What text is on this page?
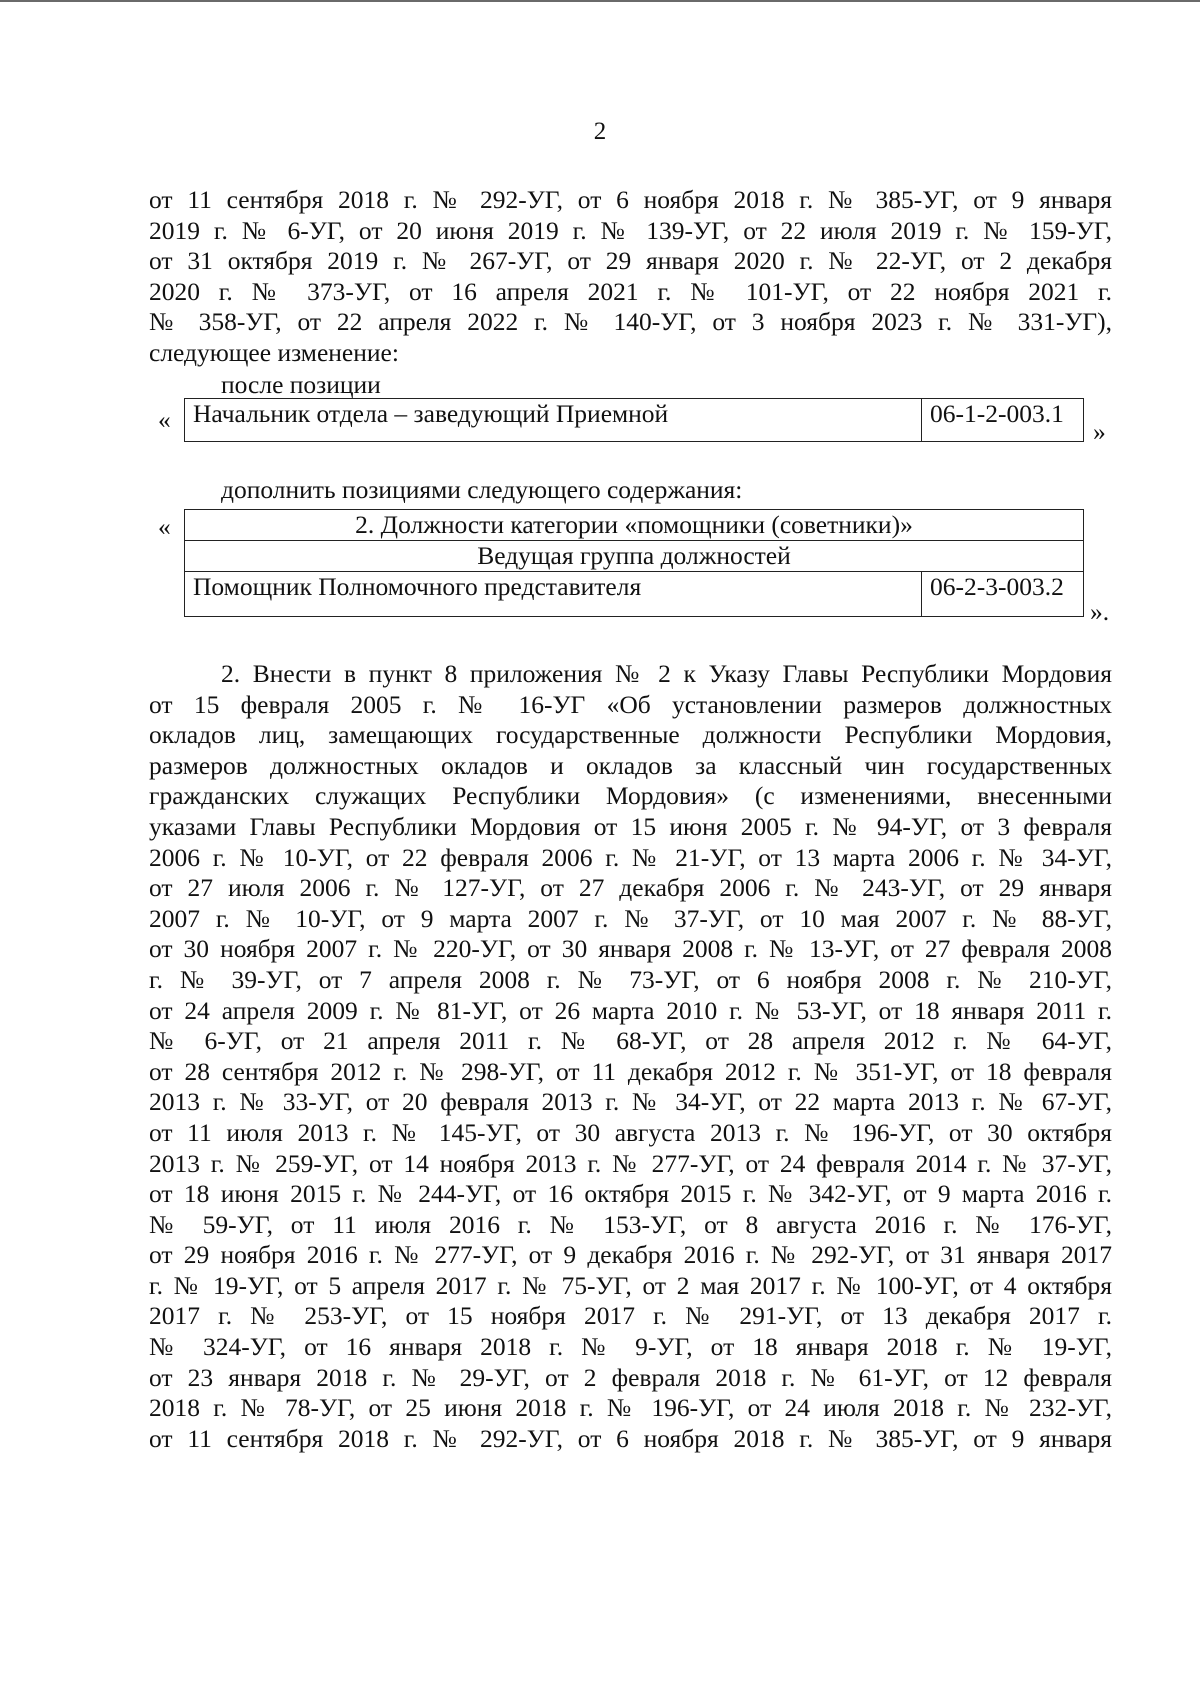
2
от 11 сентября 2018 г. № 292-УГ, от 6 ноября 2018 г. № 385-УГ, от 9 января
2019 г. № 6-УГ, от 20 июня 2019 г. № 139-УГ, от 22 июля 2019 г. № 159-УГ,
от 31 октября 2019 г. № 267-УГ, от 29 января 2020 г. № 22-УГ, от 2 декабря
2020 г. № 373-УГ, от 16 апреля 2021 г. № 101-УГ, от 22 ноября 2021 г.
№ 358-УГ, от 22 апреля 2022 г. № 140-УГ, от 3 ноября 2023 г. № 331-УГ),
следующее изменение:
после позиции
« Начальник отдела – заведующий Приемной	06-1-2-003.1
»
дополнить позициями следующего содержания:
«	2. Должности категории «помощники (советники)»
Ведущая группа должностей
Помощник Полномочного представителя	06-2-3-003.2
».
2. Внести в пункт 8 приложения № 2 к Указу Главы Республики Мордовия
от 15 февраля 2005 г. № 16-УГ «Об установлении размеров должностных
окладов лиц, замещающих государственные должности Республики Мордовия,
размеров должностных окладов и окладов за классный чин государственных
гражданских служащих Республики Мордовия» (с изменениями, внесенными
указами Главы Республики Мордовия от 15 июня 2005 г. № 94-УГ, от 3 февраля
2006 г. № 10-УГ, от 22 февраля 2006 г. № 21-УГ, от 13 марта 2006 г. № 34-УГ,
от 27 июля 2006 г. № 127-УГ, от 27 декабря 2006 г. № 243-УГ, от 29 января
2007 г. № 10-УГ, от 9 марта 2007 г. № 37-УГ, от 10 мая 2007 г. № 88-УГ,
от 30 ноября 2007 г. № 220-УГ, от 30 января 2008 г. № 13-УГ, от 27 февраля 2008
г. № 39-УГ, от 7 апреля 2008 г. № 73-УГ, от 6 ноября 2008 г. № 210-УГ,
от 24 апреля 2009 г. № 81-УГ, от 26 марта 2010 г. № 53-УГ, от 18 января 2011 г.
№ 6-УГ, от 21 апреля 2011 г. № 68-УГ, от 28 апреля 2012 г. № 64-УГ,
от 28 сентября 2012 г. № 298-УГ, от 11 декабря 2012 г. № 351-УГ, от 18 февраля
2013 г. № 33-УГ, от 20 февраля 2013 г. № 34-УГ, от 22 марта 2013 г. № 67-УГ,
от 11 июля 2013 г. № 145-УГ, от 30 августа 2013 г. № 196-УГ, от 30 октября
2013 г. № 259-УГ, от 14 ноября 2013 г. № 277-УГ, от 24 февраля 2014 г. № 37-УГ,
от 18 июня 2015 г. № 244-УГ, от 16 октября 2015 г. № 342-УГ, от 9 марта 2016 г.
№ 59-УГ, от 11 июля 2016 г. № 153-УГ, от 8 августа 2016 г. № 176-УГ,
от 29 ноября 2016 г. № 277-УГ, от 9 декабря 2016 г. № 292-УГ, от 31 января 2017
г. № 19-УГ, от 5 апреля 2017 г. № 75-УГ, от 2 мая 2017 г. № 100-УГ, от 4 октября
2017 г. № 253-УГ, от 15 ноября 2017 г. № 291-УГ, от 13 декабря 2017 г.
№ 324-УГ, от 16 января 2018 г. № 9-УГ, от 18 января 2018 г. № 19-УГ,
от 23 января 2018 г. № 29-УГ, от 2 февраля 2018 г. № 61-УГ, от 12 февраля
2018 г. № 78-УГ, от 25 июня 2018 г. № 196-УГ, от 24 июля 2018 г. № 232-УГ,
от 11 сентября 2018 г. № 292-УГ, от 6 ноября 2018 г. № 385-УГ, от 9 января
